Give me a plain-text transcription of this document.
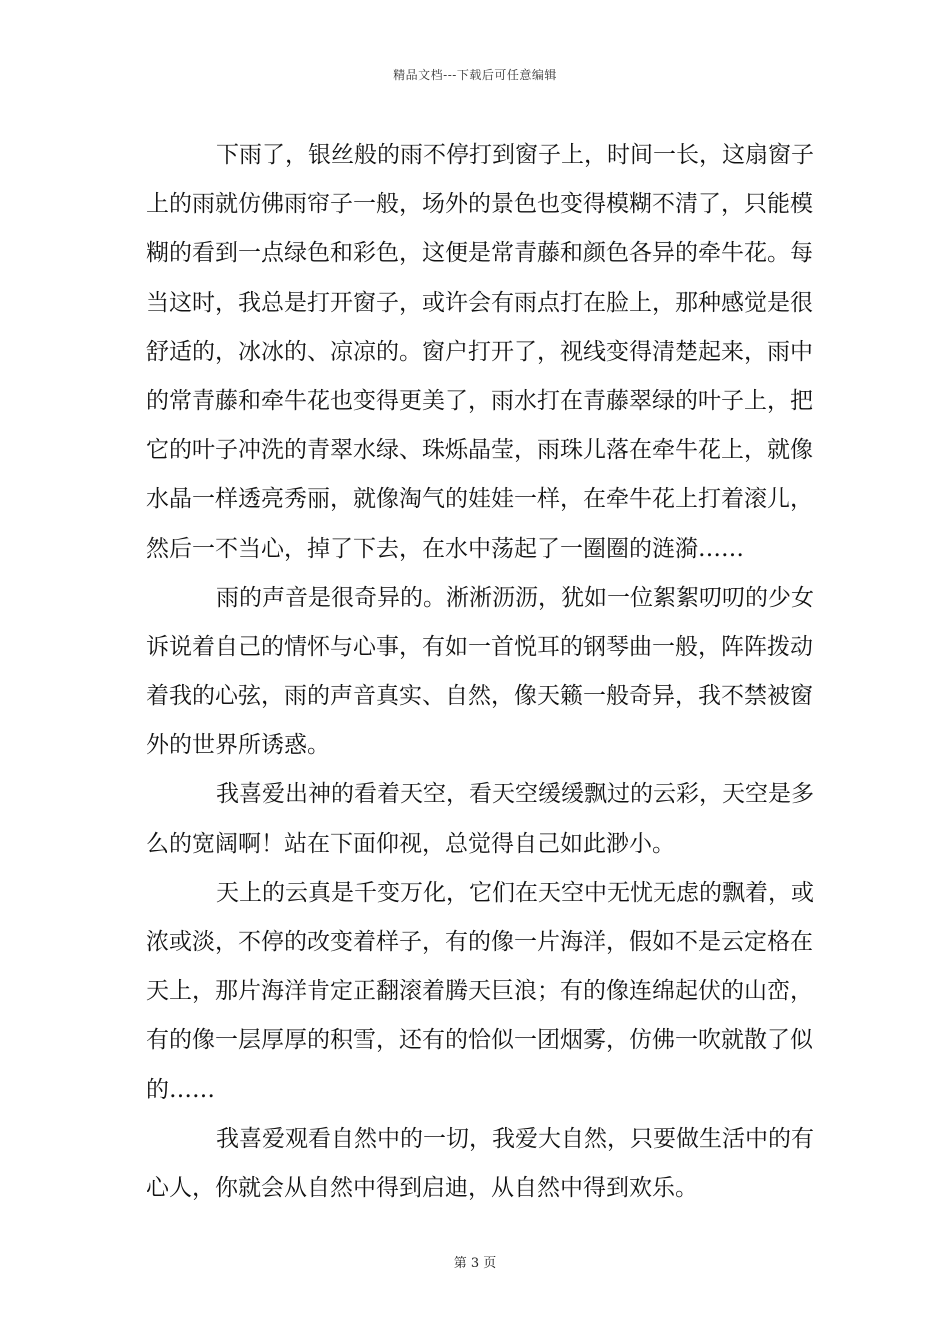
精品文档---下载后可任意编辑
下雨了，银丝般的雨不停打到窗子上，时间一长，这扇窗子
上的雨就仿佛雨帘子一般，场外的景色也变得模糊不清了，只能模
糊的看到一点绿色和彩色，这便是常青藤和颜色各异的牵牛花。每
当这时，我总是打开窗子，或许会有雨点打在脸上，那种感觉是很
舒适的，冰冰的、凉凉的。窗户打开了，视线变得清楚起来，雨中
的常青藤和牵牛花也变得更美了，雨水打在青藤翠绿的叶子上，把
它的叶子冲洗的青翠水绿、珠烁晶莹，雨珠儿落在牵牛花上，就像
水晶一样透亮秀丽，就像淘气的娃娃一样，在牵牛花上打着滚儿，
然后一不当心，掉了下去，在水中荡起了一圈圈的涟漪……
雨的声音是很奇异的。淅淅沥沥，犹如一位絮絮叨叨的少女
诉说着自己的情怀与心事，有如一首悦耳的钢琴曲一般，阵阵拨动
着我的心弦，雨的声音真实、自然，像天籁一般奇异，我不禁被窗
外的世界所诱惑。
我喜爱出神的看着天空，看天空缓缓飘过的云彩，天空是多
么的宽阔啊！站在下面仰视，总觉得自己如此渺小。
天上的云真是千变万化，它们在天空中无忧无虑的飘着，或
浓或淡，不停的改变着样子，有的像一片海洋，假如不是云定格在
天上，那片海洋肯定正翻滚着腾天巨浪；有的像连绵起伏的山峦，
有的像一层厚厚的积雪，还有的恰似一团烟雾，仿佛一吹就散了似
的……
我喜爱观看自然中的一切，我爱大自然，只要做生活中的有
心人，你就会从自然中得到启迪，从自然中得到欢乐。
第 3 页
